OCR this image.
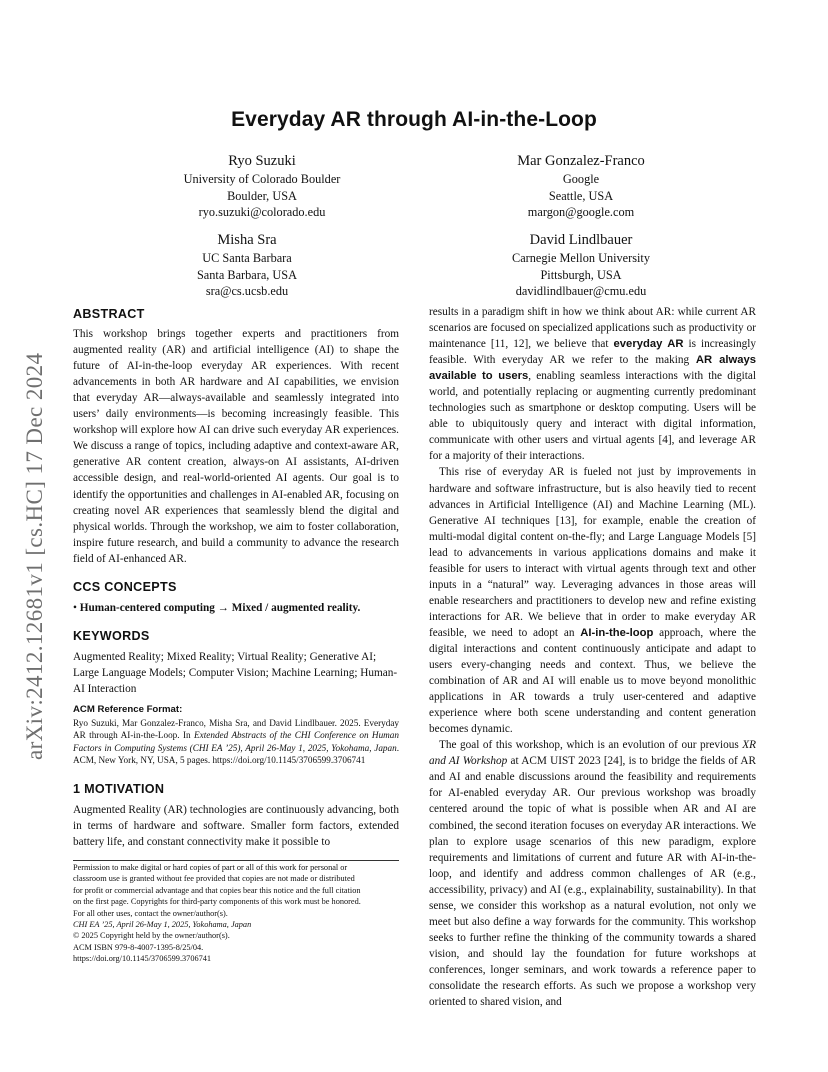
arXiv:2412.12681v1 [cs.HC] 17 Dec 2024
Everyday AR through AI-in-the-Loop
Ryo Suzuki
University of Colorado Boulder
Boulder, USA
ryo.suzuki@colorado.edu
Mar Gonzalez-Franco
Google
Seattle, USA
margon@google.com
Misha Sra
UC Santa Barbara
Santa Barbara, USA
sra@cs.ucsb.edu
David Lindlbauer
Carnegie Mellon University
Pittsburgh, USA
davidlindlbauer@cmu.edu
ABSTRACT

This workshop brings together experts and practitioners from augmented reality (AR) and artificial intelligence (AI) to shape the future of AI-in-the-loop everyday AR experiences. With recent advancements in both AR hardware and AI capabilities, we envision that everyday AR—always-available and seamlessly integrated into users’ daily environments—is becoming increasingly feasible. This workshop will explore how AI can drive such everyday AR experiences. We discuss a range of topics, including adaptive and context-aware AR, generative AR content creation, always-on AI assistants, AI-driven accessible design, and real-world-oriented AI agents. Our goal is to identify the opportunities and challenges in AI-enabled AR, focusing on creating novel AR experiences that seamlessly blend the digital and physical worlds. Through the workshop, we aim to foster collaboration, inspire future research, and build a community to advance the research field of AI-enhanced AR.

CCS CONCEPTS

• Human-centered computing → Mixed / augmented reality.

KEYWORDS

Augmented Reality; Mixed Reality; Virtual Reality; Generative AI; Large Language Models; Computer Vision; Machine Learning; Human-AI Interaction

ACM Reference Format:
Ryo Suzuki, Mar Gonzalez-Franco, Misha Sra, and David Lindlbauer. 2025. Everyday AR through AI-in-the-Loop. In Extended Abstracts of the CHI Conference on Human Factors in Computing Systems (CHI EA ’25), April 26-May 1, 2025, Yokohama, Japan. ACM, New York, NY, USA, 5 pages. https://doi.org/10.1145/3706599.3706741
1 MOTIVATION

Augmented Reality (AR) technologies are continuously advancing, both in terms of hardware and software. Smaller form factors, extended battery life, and constant connectivity make it possible to

Permission to make digital or hard copies of part or all of this work for personal or
classroom use is granted without fee provided that copies are not made or distributed
for profit or commercial advantage and that copies bear this notice and the full citation
on the first page. Copyrights for third-party components of this work must be honored.
For all other uses, contact the owner/author(s).
CHI EA ’25, April 26-May 1, 2025, Yokohama, Japan
© 2025 Copyright held by the owner/author(s).
ACM ISBN 979-8-4007-1395-8/25/04.
https://doi.org/10.1145/3706599.3706741

results in a paradigm shift in how we think about AR: while current AR scenarios are focused on specialized applications such as productivity or maintenance [11, 12], we believe that everyday AR is increasingly feasible. With everyday AR we refer to the making AR always available to users, enabling seamless interactions with the digital world, and potentially replacing or augmenting currently predominant technologies such as smartphone or desktop computing. Users will be able to ubiquitously query and interact with digital information, communicate with other users and virtual agents [4], and leverage AR for a majority of their interactions.

This rise of everyday AR is fueled not just by improvements in hardware and software infrastructure, but is also heavily tied to recent advances in Artificial Intelligence (AI) and Machine Learning (ML). Generative AI techniques [13], for example, enable the creation of multi-modal digital content on-the-fly; and Large Language Models [5] lead to advancements in various applications domains and make it feasible for users to interact with virtual agents through text and other inputs in a “natural” way. Leveraging advances in those areas will enable researchers and practitioners to develop new and refine existing interactions for AR. We believe that in order to make everyday AR feasible, we need to adopt an AI-in-the-loop approach, where the digital interactions and content continuously anticipate and adapt to users every-changing needs and context. Thus, we believe the combination of AR and AI will enable us to move beyond monolithic applications in AR towards a truly user-centered and adaptive experience where both scene understanding and content generation becomes dynamic.

The goal of this workshop, which is an evolution of our previous XR and AI Workshop at ACM UIST 2023 [24], is to bridge the fields of AR and AI and enable discussions around the feasibility and requirements for AI-enabled everyday AR. Our previous workshop was broadly centered around the topic of what is possible when AR and AI are combined, the second iteration focuses on everyday AR interactions. We plan to explore usage scenarios of this new paradigm, explore requirements and limitations of current and future AR with AI-in-the-loop, and identify and address common challenges of AR (e.g., accessibility, privacy) and AI (e.g., explainability, sustainability). In that sense, we consider this workshop as a natural evolution, not only we meet but also define a way forwards for the community. This workshop seeks to further refine the thinking of the community towards a shared vision, and should lay the foundation for future workshops at conferences, longer seminars, and work towards a reference paper to consolidate the research efforts. As such we propose a workshop very oriented to shared vision, and
